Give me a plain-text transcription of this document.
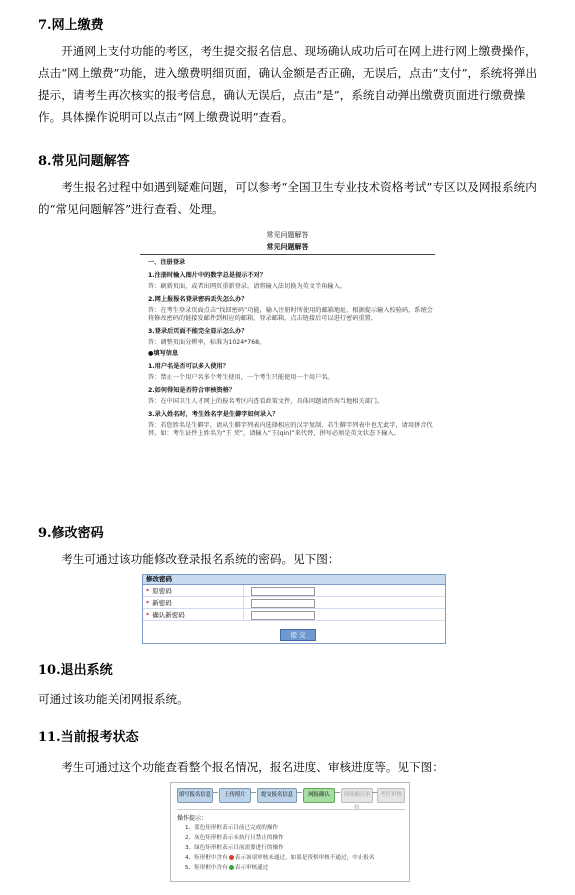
7.网上缴费
开通网上支付功能的考区，考生提交报名信息、现场确认成功后可在网上进行网上缴费操作，点击“网上缴费”功能，进入缴费明细页面，确认金额是否正确，无误后，点击“支付”，系统将弹出提示，请考生再次核实的报考信息，确认无误后，点击“是”，系统自动弹出缴费页面进行缴费操作。具体操作说明可以点击“网上缴费说明”查看。
8.常见问题解答
考生报名过程中如遇到疑难问题，可以参考“全国卫生专业技术资格考试”专区以及网报系统内的“常见问题解答”进行查看、处理。
常见问题解答
常见问题解答
一、注册登录
1.注册时输入图片中的数字总是提示不对？
答：刷新页面，或者出网页重新登录。请将输入法切换为英文半角输入。
2.网上报报名登录密码丢失怎么办？
答：在考生登录页面点击“找回密码”功能，输入注册时所使用的邮箱地址，根据提示输入校验码，系统会将修改密码的链接发邮件到相应的邮箱，登录邮箱，点击链接后可以进行密码重置。
3.登录后页面不能完全显示怎么办？
答：调整页面分辨率，标准为1024*768。
●填写信息
1.用户名是否可以多人使用？
答：禁止一个用户名多个考生使用，一个考生只能使用一个用户名。
2.如何得知是否符合审核资格？
答：在中国卫生人才网上的报名考区内查看政策文件，具体问题请咨询当地相关部门。
3.录入姓名时，考生姓名字是生僻字如何录入？
答：若您姓名是生僻字，请从生僻字列表内选择相应的汉字复制，若生僻字列表中也无此字，请用拼音代替。如：考生证件上姓名为“王 珡”，请输入“王(qin)”来代替，拼写必须是英文状态下输入。
9.修改密码
考生可通过该功能修改登录报名系统的密码。见下图：
修改密码
* 原密码
* 新密码
* 确认新密码
提 交
10.退出系统
可通过该功能关闭网报系统。
11.当前报考状态
考生可通过这个功能查看整个报名情况，报名进度、审核进度等。见下图：
填写报名信息	上传照片	提交报名信息	网报确认	现场确认审核
考区审核
操作提示：
1、蓝色矩形框表示目前已完成的操作
2、灰色矩形框表示未执行且禁止的操作
3、绿色矩形框表示目前需要进行的操作
4、矩形框中含有 表示该项审核未通过，如果是资格审核不通过，中止报名
5、矩形框中含有 表示审核通过
